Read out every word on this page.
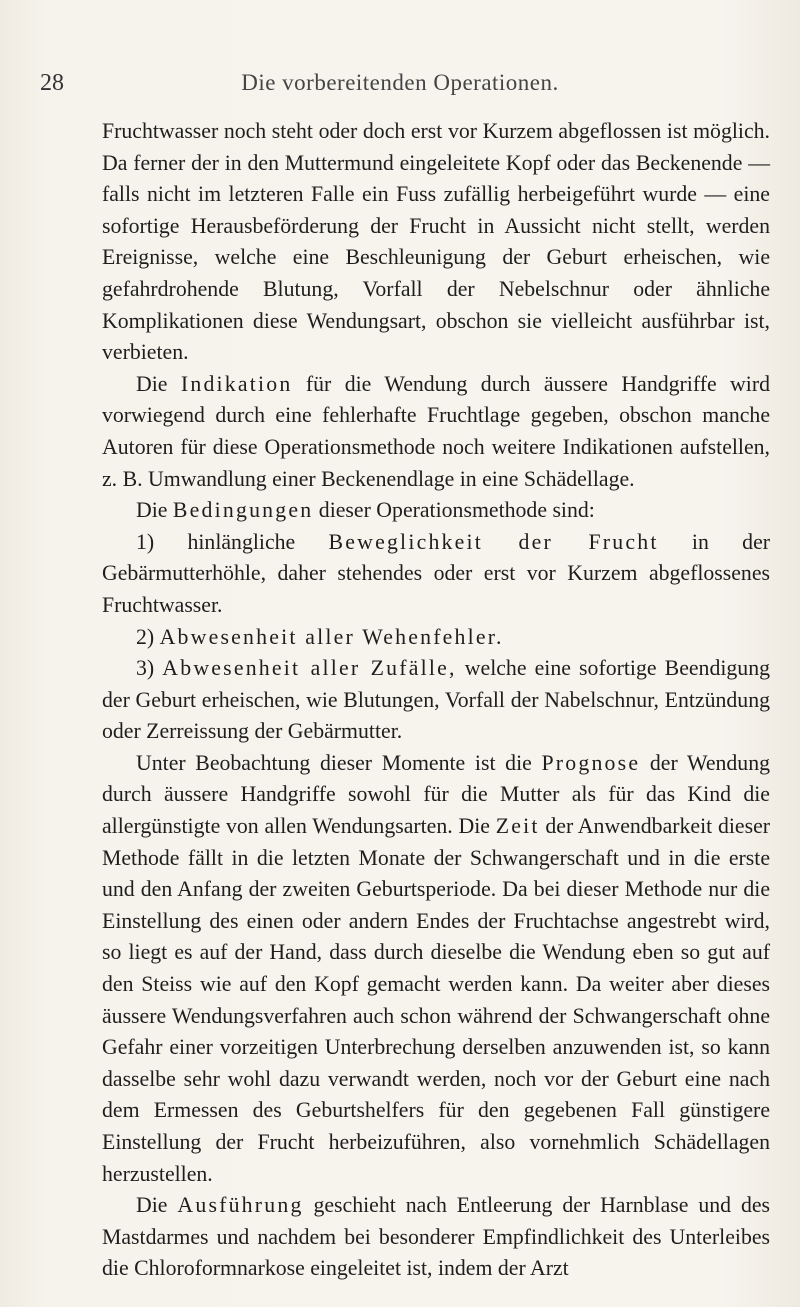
28	Die vorbereitenden Operationen.

Fruchtwasser noch steht oder doch erst vor Kurzem abgeflossen ist möglich. Da ferner der in den Muttermund eingeleitete Kopf oder das Beckenende — falls nicht im letzteren Falle ein Fuss zufällig herbeigeführt wurde — eine sofortige Herausbeförderung der Frucht in Aussicht nicht stellt, werden Ereignisse, welche eine Beschleunigung der Geburt erheischen, wie gefahrdrohende Blutung, Vorfall der Nebelschnur oder ähnliche Komplikationen diese Wendungsart, obschon sie vielleicht ausführbar ist, verbieten.

Die Indikation für die Wendung durch äussere Handgriffe wird vorwiegend durch eine fehlerhafte Fruchtlage gegeben, obschon manche Autoren für diese Operationsmethode noch weitere Indikationen aufstellen, z. B. Umwandlung einer Beckenendlage in eine Schädellage.

Die Bedingungen dieser Operationsmethode sind:

1) hinlängliche Beweglichkeit der Frucht in der Gebärmutterhöhle, daher stehendes oder erst vor Kurzem abgeflossenes Fruchtwasser.

2) Abwesenheit aller Wehenfehler.

3) Abwesenheit aller Zufälle, welche eine sofortige Beendigung der Geburt erheischen, wie Blutungen, Vorfall der Nabelschnur, Entzündung oder Zerreissung der Gebärmutter.

Unter Beobachtung dieser Momente ist die Prognose der Wendung durch äussere Handgriffe sowohl für die Mutter als für das Kind die allergünstigte von allen Wendungsarten. Die Zeit der Anwendbarkeit dieser Methode fällt in die letzten Monate der Schwangerschaft und in die erste und den Anfang der zweiten Geburtsperiode. Da bei dieser Methode nur die Einstellung des einen oder andern Endes der Fruchtachse angestrebt wird, so liegt es auf der Hand, dass durch dieselbe die Wendung eben so gut auf den Steiss wie auf den Kopf gemacht werden kann. Da weiter aber dieses äussere Wendungsverfahren auch schon während der Schwangerschaft ohne Gefahr einer vorzeitigen Unterbrechung derselben anzuwenden ist, so kann dasselbe sehr wohl dazu verwandt werden, noch vor der Geburt eine nach dem Ermessen des Geburtshelfers für den gegebenen Fall günstigere Einstellung der Frucht herbeizuführen, also vornehmlich Schädellagen herzustellen.

Die Ausführung geschieht nach Entleerung der Harnblase und des Mastdarmes und nachdem bei besonderer Empfindlichkeit des Unterleibes die Chloroformnarkose eingeleitet ist, indem der Arzt
